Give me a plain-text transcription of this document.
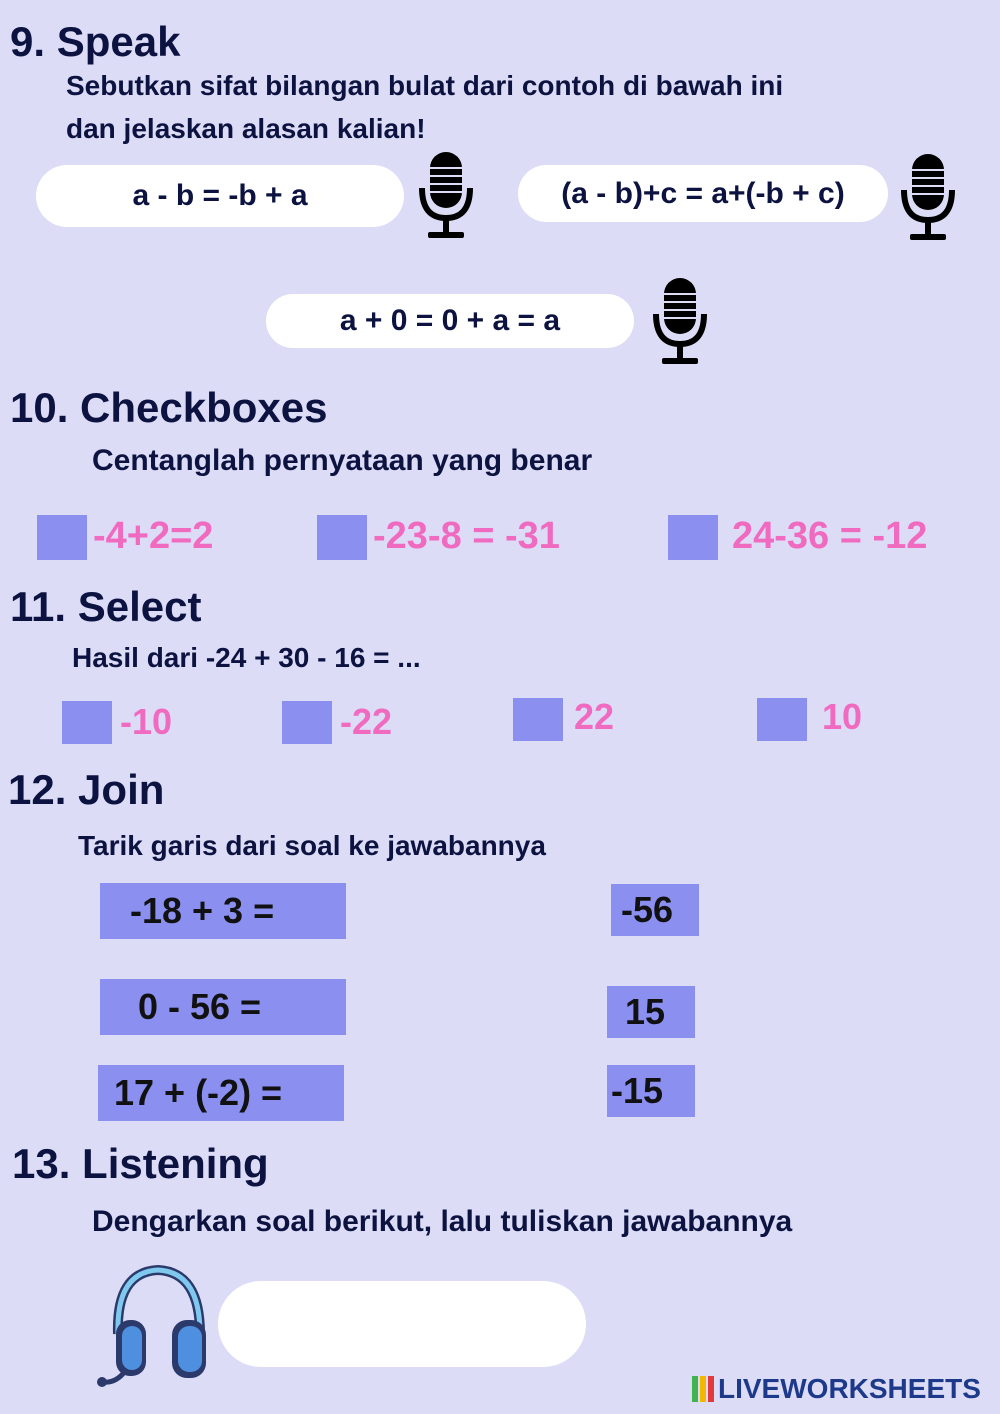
9. Speak
Sebutkan sifat bilangan bulat dari contoh di bawah ini
dan jelaskan alasan kalian!
a - b = -b + a	(a - b)+c = a+(-b + c)
a + 0 = 0 + a = a
10. Checkboxes
Centanglah pernyataan yang benar
-4+2=2	-23-8 = -31	24-36 = -12
11. Select
Hasil dari -24 + 30 - 16 = ...
-10	-22	22	10
12. Join
Tarik garis dari soal ke jawabannya
-18 + 3 =
0 - 56 =
17 + (-2) =
-56
15
-15
13. Listening
Dengarkan soal berikut, lalu tuliskan jawabannya
LIVEWORKSHEETS
